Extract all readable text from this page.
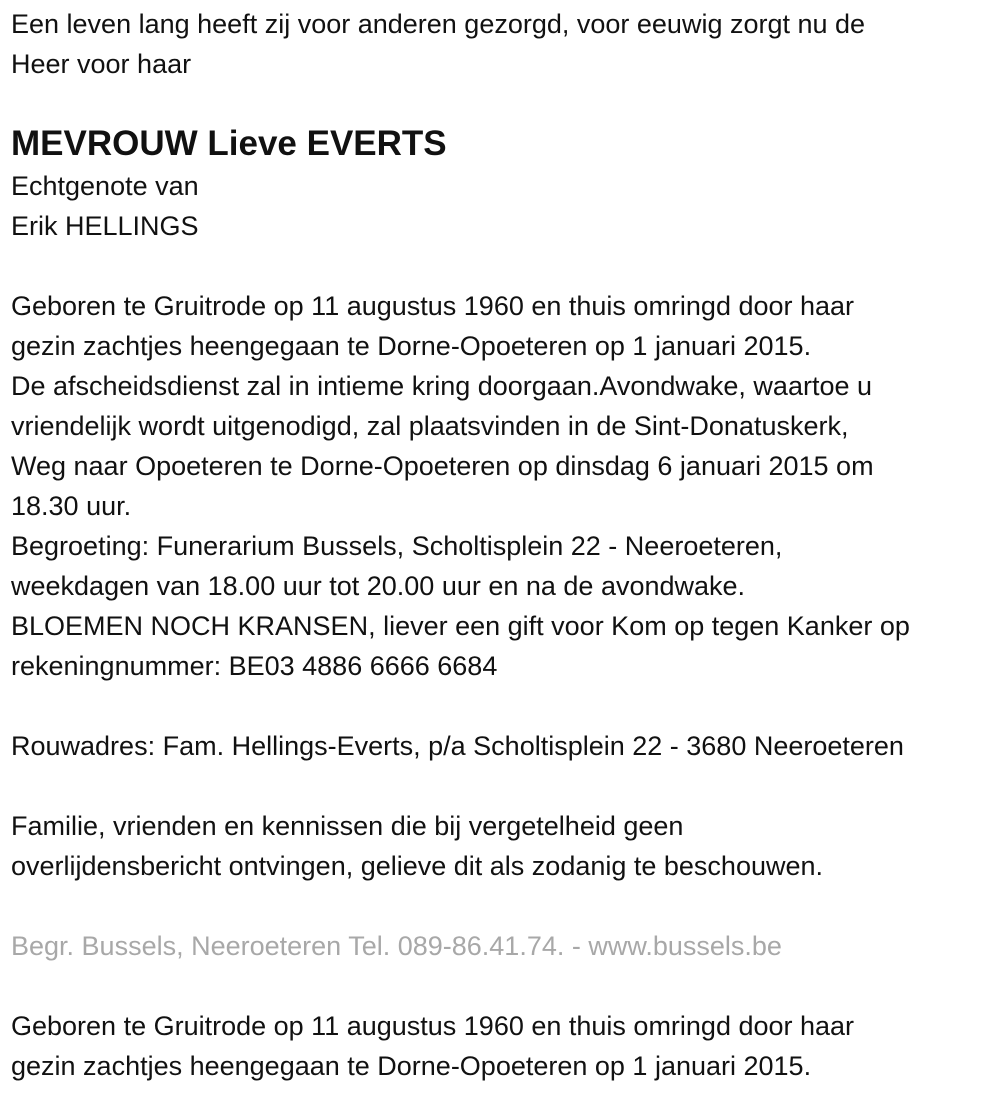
Een leven lang heeft zij voor anderen gezorgd, voor eeuwig zorgt nu de
Heer voor haar
MEVROUW Lieve EVERTS
Echtgenote van
Erik HELLINGS
Geboren te Gruitrode op 11 augustus 1960 en thuis omringd door haar
gezin zachtjes heengegaan te Dorne-Opoeteren op 1 januari 2015.
De afscheidsdienst zal in intieme kring doorgaan.Avondwake, waartoe u
vriendelijk wordt uitgenodigd, zal plaatsvinden in de Sint-Donatuskerk,
Weg naar Opoeteren te Dorne-Opoeteren op dinsdag 6 januari 2015 om
18.30 uur.
Begroeting: Funerarium Bussels, Scholtisplein 22 - Neeroeteren,
weekdagen van 18.00 uur tot 20.00 uur en na de avondwake.
BLOEMEN NOCH KRANSEN, liever een gift voor Kom op tegen Kanker op
rekeningnummer: BE03 4886 6666 6684
Rouwadres: Fam. Hellings-Everts, p/a Scholtisplein 22 - 3680 Neeroeteren
Familie, vrienden en kennissen die bij vergetelheid geen
overlijdensbericht ontvingen, gelieve dit als zodanig te beschouwen.
Begr. Bussels, Neeroeteren Tel. 089-86.41.74. - www.bussels.be
Geboren te Gruitrode op 11 augustus 1960 en thuis omringd door haar
gezin zachtjes heengegaan te Dorne-Opoeteren op 1 januari 2015.
